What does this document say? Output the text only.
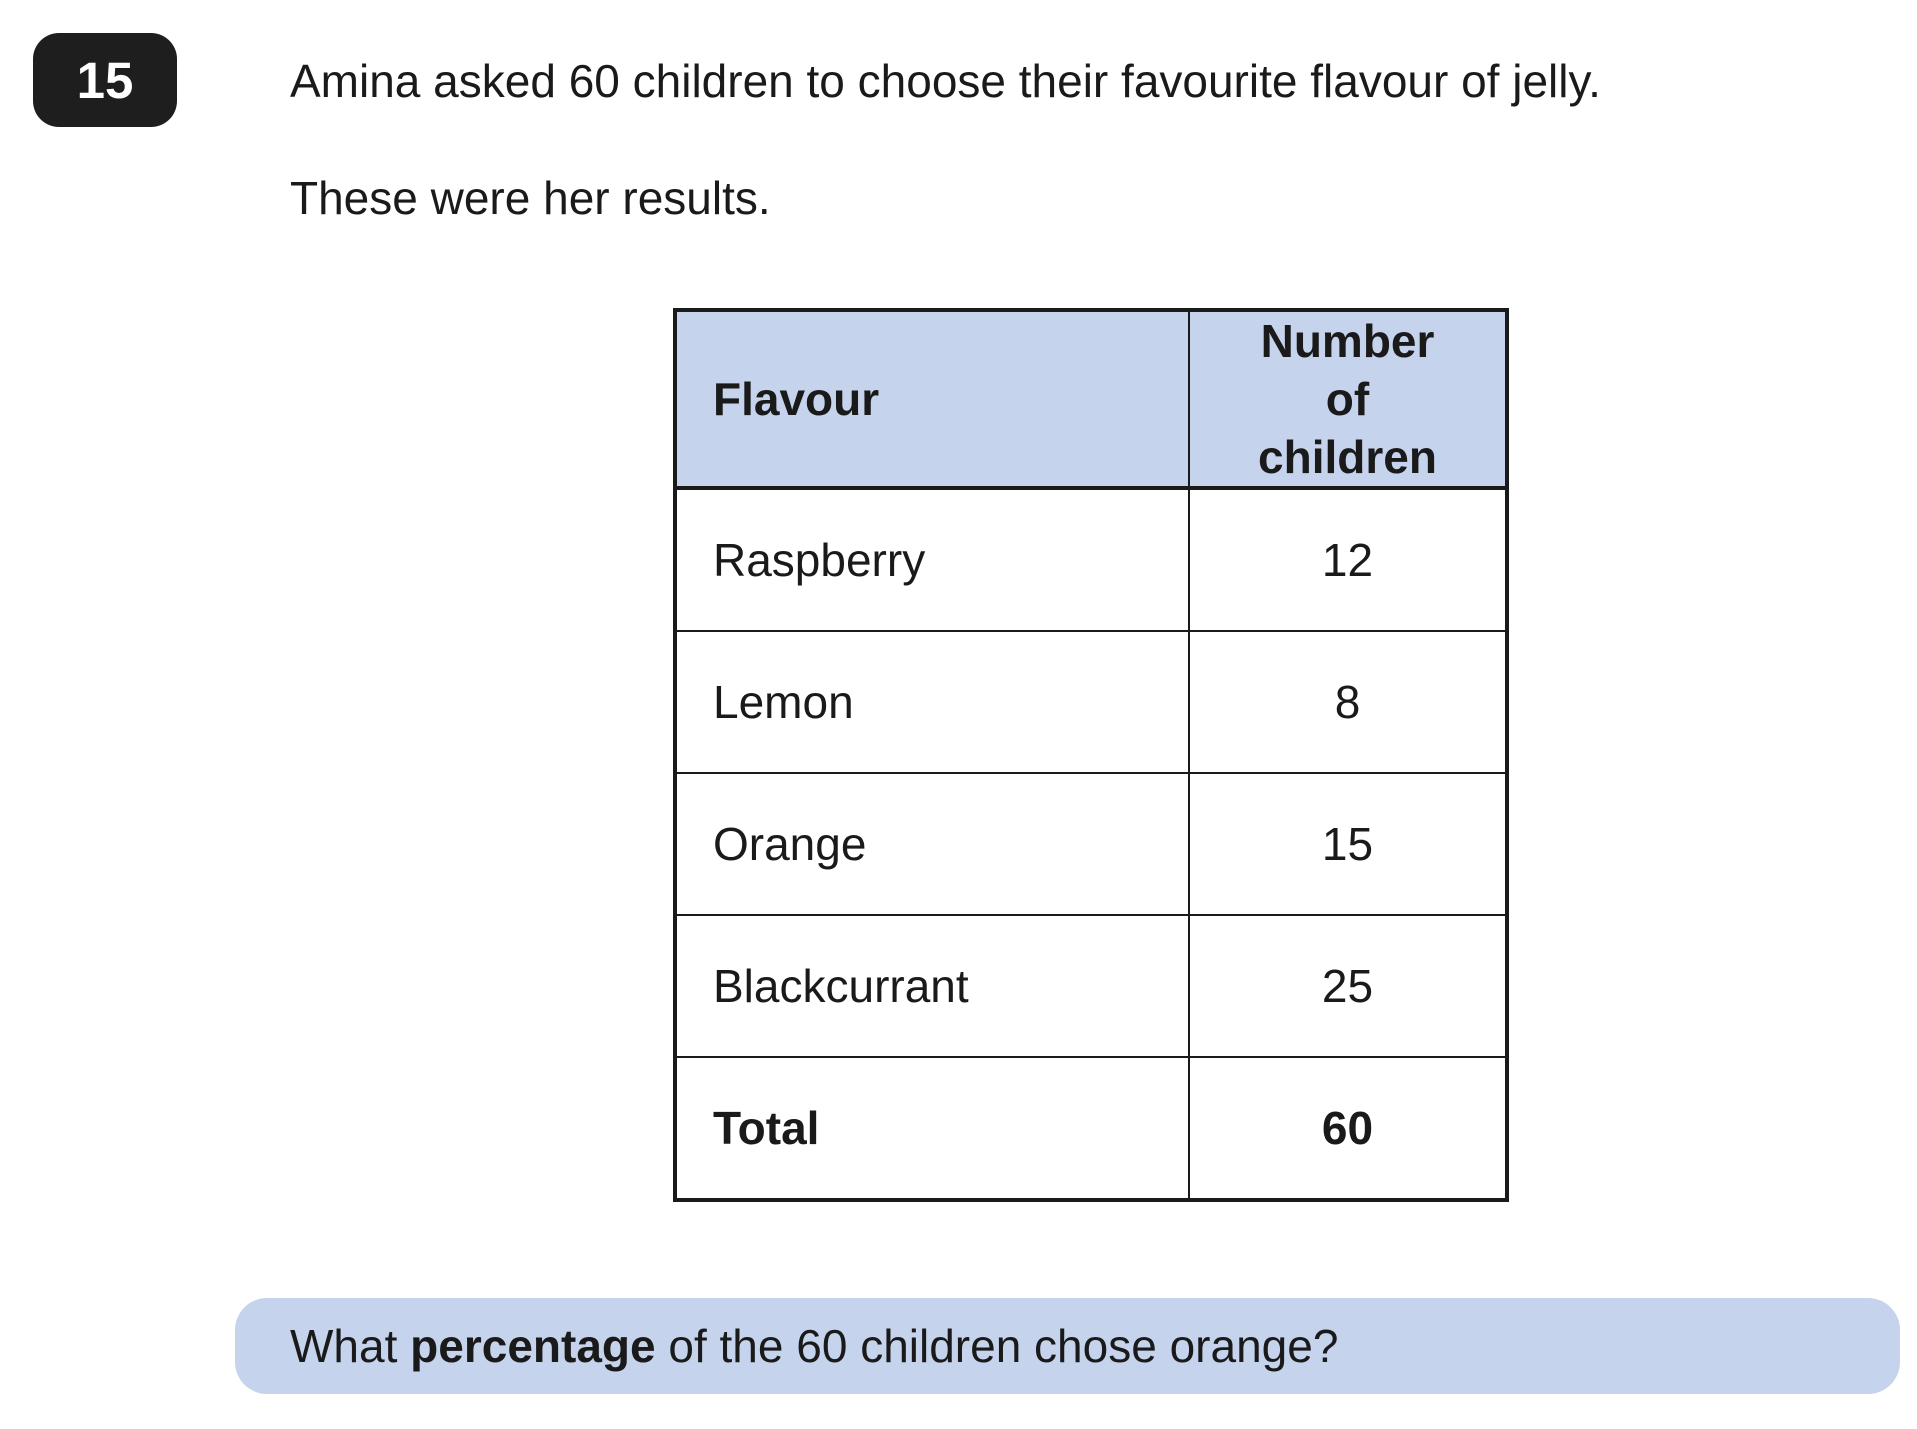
15	Amina asked 60 children to choose their favourite flavour of jelly.
These were her results.
Flavour	Number of children
Raspberry	12
Lemon	8
Orange	15
Blackcurrant	25
Total	60
What percentage of the 60 children chose orange?
